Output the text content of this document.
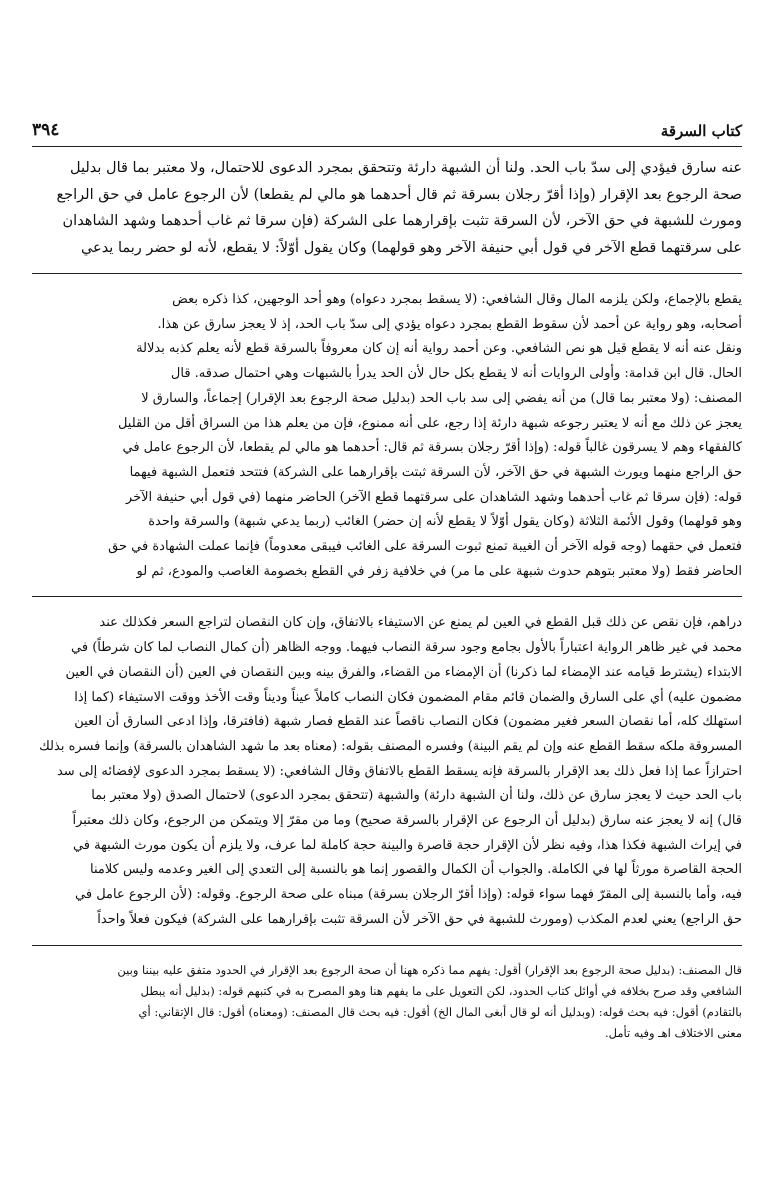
كتاب السرقة
٣٩٤

عنه سارق فيؤدي إلى سدّ باب الحد. ولنا أن الشبهة دارئة وتتحقق بمجرد الدعوى للاحتمال، ولا معتبر بما قال بدليل

صحة الرجوع بعد الإقرار (وإذا أقرّ رجلان بسرقة ثم قال أحدهما هو مالي لم يقطعا) لأن الرجوع عامل في حق الراجع

ومورث للشبهة في حق الآخر، لأن السرقة تثبت بإقرارهما على الشركة (فإن سرقا ثم غاب أحدهما وشهد الشاهدان

على سرقتهما قطع الآخر في قول أبي حنيفة الآخر وهو قولهما) وكان يقول أوّلاً: لا يقطع، لأنه لو حضر ربما يدعي

يقطع بالإجماع، ولكن يلزمه المال وقال الشافعي: (لا يسقط بمجرد دعواه) وهو أحد الوجهين، كذا ذكره بعض

أصحابه، وهو رواية عن أحمد لأن سقوط القطع بمجرد دعواه يؤدي إلى سدّ باب الحد، إذ لا يعجز سارق عن هذا.

ونقل عنه أنه لا يقطع قيل هو نص الشافعي. وعن أحمد رواية أنه إن كان معروفاً بالسرقة قطع لأنه يعلم كذبه بدلالة

الحال. قال ابن قدامة: وأولى الروايات أنه لا يقطع بكل حال لأن الحد يدرأ بالشبهات وهي احتمال صدقه. قال

المصنف: (ولا معتبر بما قال) من أنه يفضي إلى سد باب الحد (بدليل صحة الرجوع بعد الإقرار) إجماعاً، والسارق لا

يعجز عن ذلك مع أنه لا يعتبر رجوعه شبهة دارئة إذا رجع، على أنه ممنوع، فإن من يعلم هذا من السراق أقل من القليل

كالفقهاء وهم لا يسرقون غالباً قوله: (وإذا أقرّ رجلان بسرقة ثم قال: أحدهما هو مالي لم يقطعا، لأن الرجوع عامل في

حق الراجع منهما ويورث الشبهة في حق الآخر، لأن السرقة ثبتت بإقرارهما على الشركة) فتتحد فتعمل الشبهة فيهما

قوله: (فإن سرقا ثم غاب أحدهما وشهد الشاهدان على سرقتهما قطع الآخر) الحاضر منهما (في قول أبي حنيفة الآخر

وهو قولهما) وقول الأئمة الثلاثة (وكان يقول أوّلاً لا يقطع لأنه إن حضر) الغائب (ربما يدعي شبهة) والسرقة واحدة

فتعمل في حقهما (وجه قوله الآخر أن الغيبة تمنع ثبوت السرقة على الغائب فيبقى معدوماً) فإنما عملت الشهادة في حق

الحاضر فقط (ولا معتبر بتوهم حدوث شبهة على ما مر) في خلافية زفر في القطع بخصومة الغاصب والمودع، ثم لو

دراهم، فإن نقص عن ذلك قبل القطع في العين لم يمنع عن الاستيفاء بالاتفاق، وإن كان النقصان لتراجع السعر فكذلك عند

محمد في غير ظاهر الرواية اعتباراً بالأول بجامع وجود سرقة النصاب فيهما. ووجه الظاهر (أن كمال النصاب لما كان شرطاً) في

الابتداء (يشترط قيامه عند الإمضاء لما ذكرنا) أن الإمضاء من القضاء، والفرق بينه وبين النقصان في العين (أن النقصان في العين

مضمون عليه) أي على السارق والضمان قائم مقام المضمون فكان النصاب كاملاً عيناً وديناً وقت الأخذ ووقت الاستيفاء (كما إذا

استهلك كله، أما نقصان السعر فغير مضمون) فكان النصاب ناقصاً عند القطع فصار شبهة (فافترقا، وإذا ادعى السارق أن العين

المسروقة ملكه سقط القطع عنه وإن لم يقم البينة) وفسره المصنف بقوله: (معناه بعد ما شهد الشاهدان بالسرقة) وإنما فسره بذلك

احترازاً عما إذا فعل ذلك بعد الإقرار بالسرقة فإنه يسقط القطع بالاتفاق وقال الشافعي: (لا يسقط بمجرد الدعوى لإفضائه إلى سد

باب الحد حيث لا يعجز سارق عن ذلك، ولنا أن الشبهة دارئة) والشبهة (تتحقق بمجرد الدعوى) لاحتمال الصدق (ولا معتبر بما

قال) إنه لا يعجز عنه سارق (بدليل أن الرجوع عن الإقرار بالسرقة صحيح) وما من مقرّ إلا ويتمكن من الرجوع، وكان ذلك معتبراً

في إيراث الشبهة فكذا هذا، وفيه نظر لأن الإقرار حجة قاصرة والبينة حجة كاملة لما عرف، ولا يلزم أن يكون مورث الشبهة في

الحجة القاصرة مورثاً لها في الكاملة. والجواب أن الكمال والقصور إنما هو بالنسبة إلى التعدي إلى الغير وعدمه وليس كلامنا

فيه، وأما بالنسبة إلى المقرّ فهما سواء قوله: (وإذا أقرّ الرجلان بسرقة) مبناه على صحة الرجوع. وقوله: (لأن الرجوع عامل في

حق الراجع) يعني لعدم المكذب (ومورث للشبهة في حق الآخر لأن السرقة تثبت بإقرارهما على الشركة) فيكون فعلاً واحداً

قال المصنف: (بدليل صحة الرجوع بعد الإقرار) أقول: يفهم مما ذكره ههنا أن صحة الرجوع بعد الإقرار في الحدود متفق عليه بيننا وبين

الشافعي وقد صرح بخلافه في أوائل كتاب الحدود، لكن التعويل على ما يفهم هنا وهو المصرح به في كتبهم قوله: (بدليل أنه يبطل

بالتقادم) أقول: فيه بحث قوله: (وبدليل أنه لو قال أبغى المال الخ) أقول: فيه بحث قال المصنف: (ومعناه) أقول: قال الإتقاني: أي

معنى الاختلاف اهـ وفيه تأمل.
